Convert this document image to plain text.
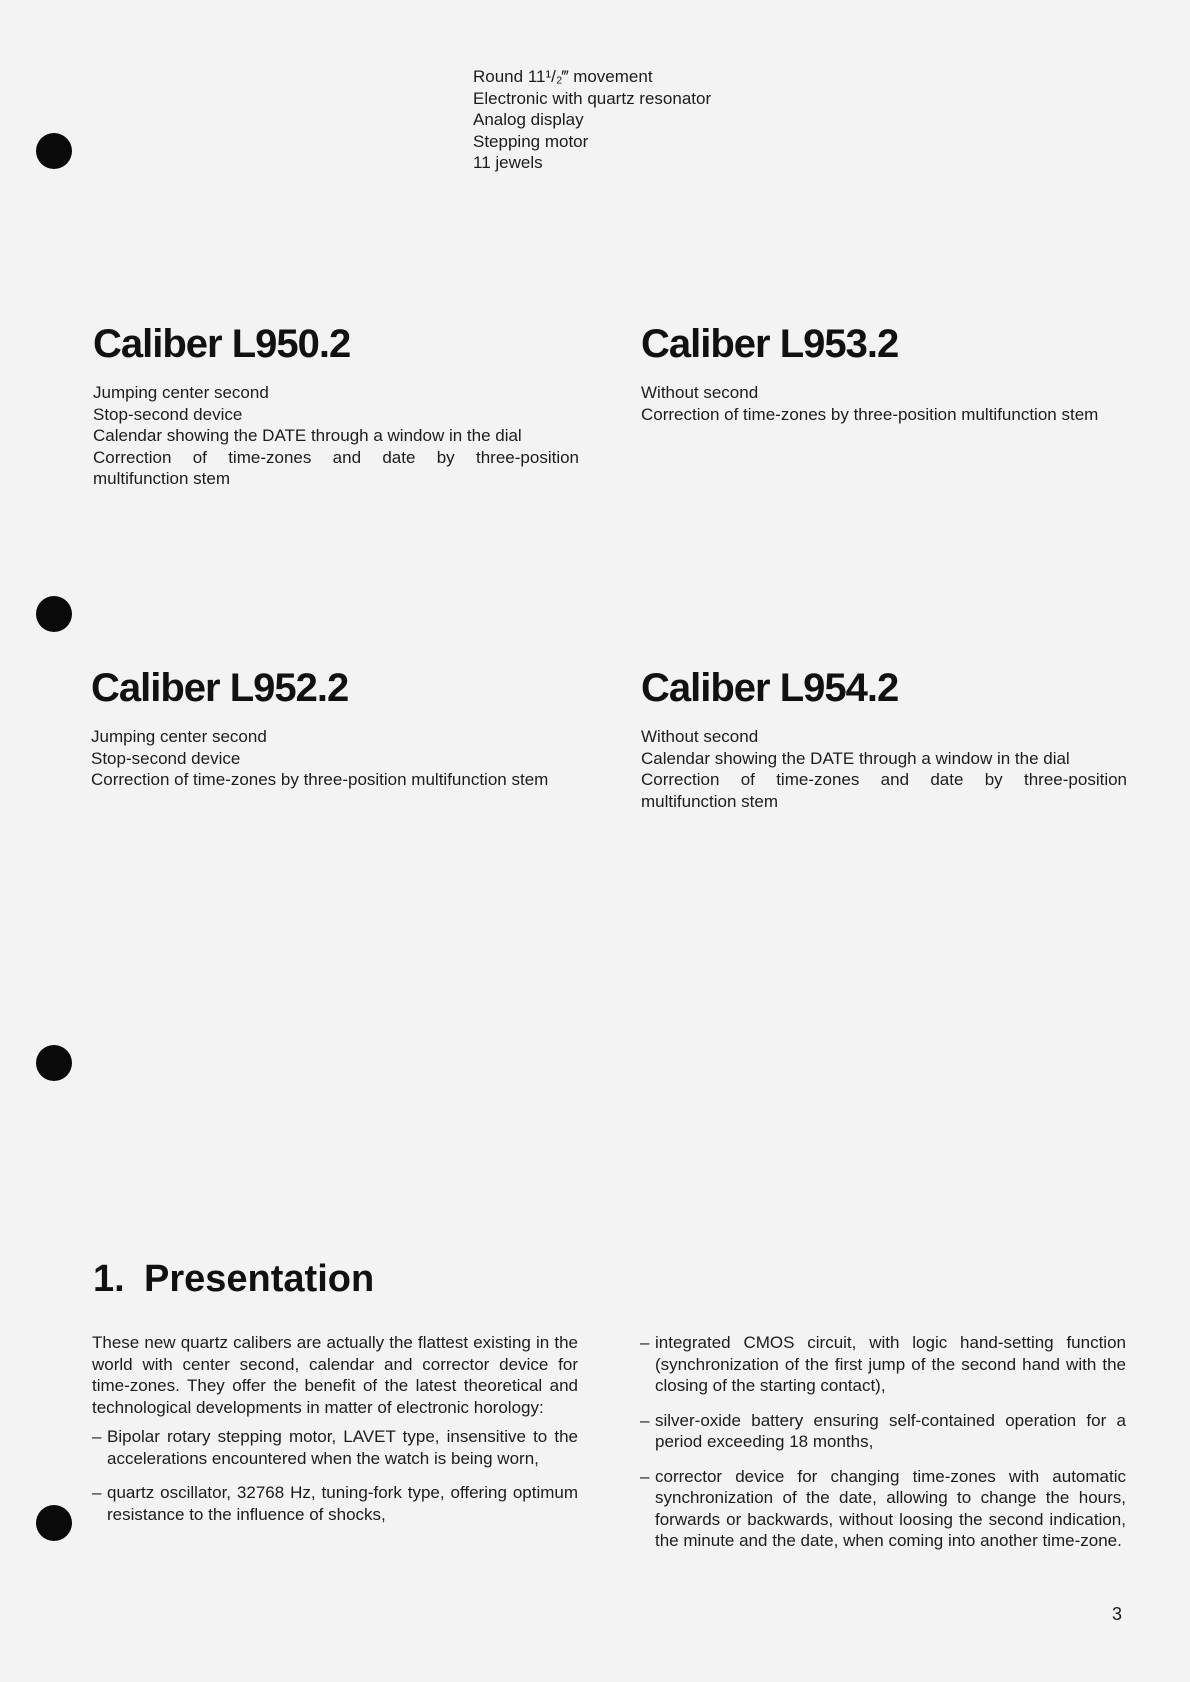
Round 11¹/₂‴ movement
Electronic with quartz resonator
Analog display
Stepping motor
11 jewels
Caliber L950.2
Jumping center second
Stop-second device
Calendar showing the DATE through a window in the dial
Correction of time-zones and date by three-position multifunction stem
Caliber L953.2
Without second
Correction of time-zones by three-position multifunction stem
Caliber L952.2
Jumping center second
Stop-second device
Correction of time-zones by three-position multifunction stem
Caliber L954.2
Without second
Calendar showing the DATE through a window in the dial
Correction of time-zones and date by three-position multifunction stem
1. Presentation

These new quartz calibers are actually the flattest existing in the world with center second, calendar and corrector device for time-zones. They offer the benefit of the latest theoretical and technological developments in matter of electronic horology:

– Bipolar rotary stepping motor, LAVET type, insensitive to the accelerations encountered when the watch is being worn,
– quartz oscillator, 32768 Hz, tuning-fork type, offering optimum resistance to the influence of shocks,
– integrated CMOS circuit, with logic hand-setting function (synchronization of the first jump of the second hand with the closing of the starting contact),
– silver-oxide battery ensuring self-contained operation for a period exceeding 18 months,
– corrector device for changing time-zones with automatic synchronization of the date, allowing to change the hours, forwards or backwards, without loosing the second indication, the minute and the date, when coming into another time-zone.
3
